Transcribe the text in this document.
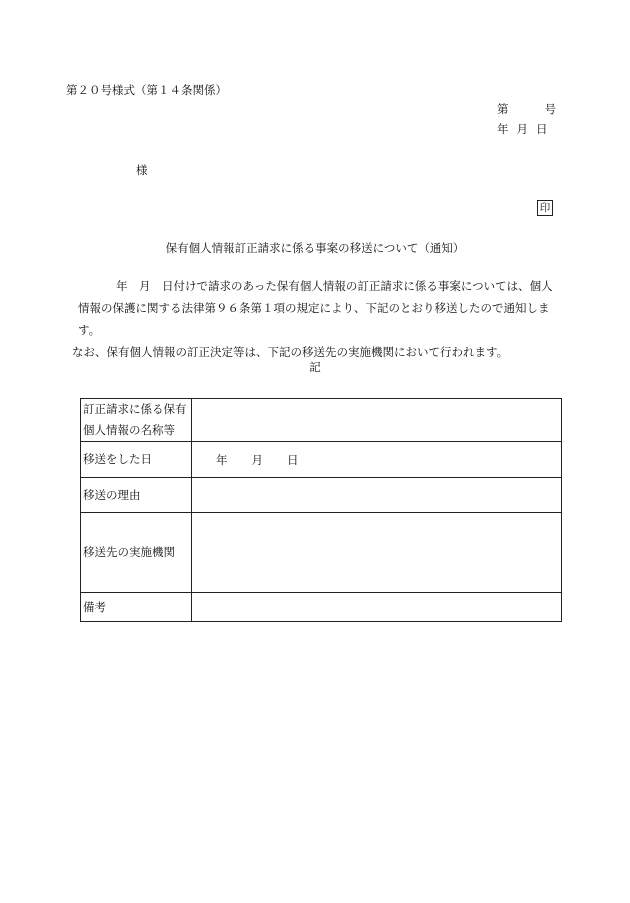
第２０号様式（第１４条関係）
第	号
年 月 日
様
印
保有個人情報訂正請求に係る事案の移送について（通知）

年　月　日付けで請求のあった保有個人情報の訂正請求に係る事案については、個人情報の保護に関する法律第９６条第１項の規定により、下記のとおり移送したので通知します。

なお、保有個人情報の訂正決定等は、下記の移送先の実施機関において行われます。

記
訂正請求に係る保有
個人情報の名称等	

移送をした日	年 月 日

移送の理由	
移送先の実施機関	
備考	
